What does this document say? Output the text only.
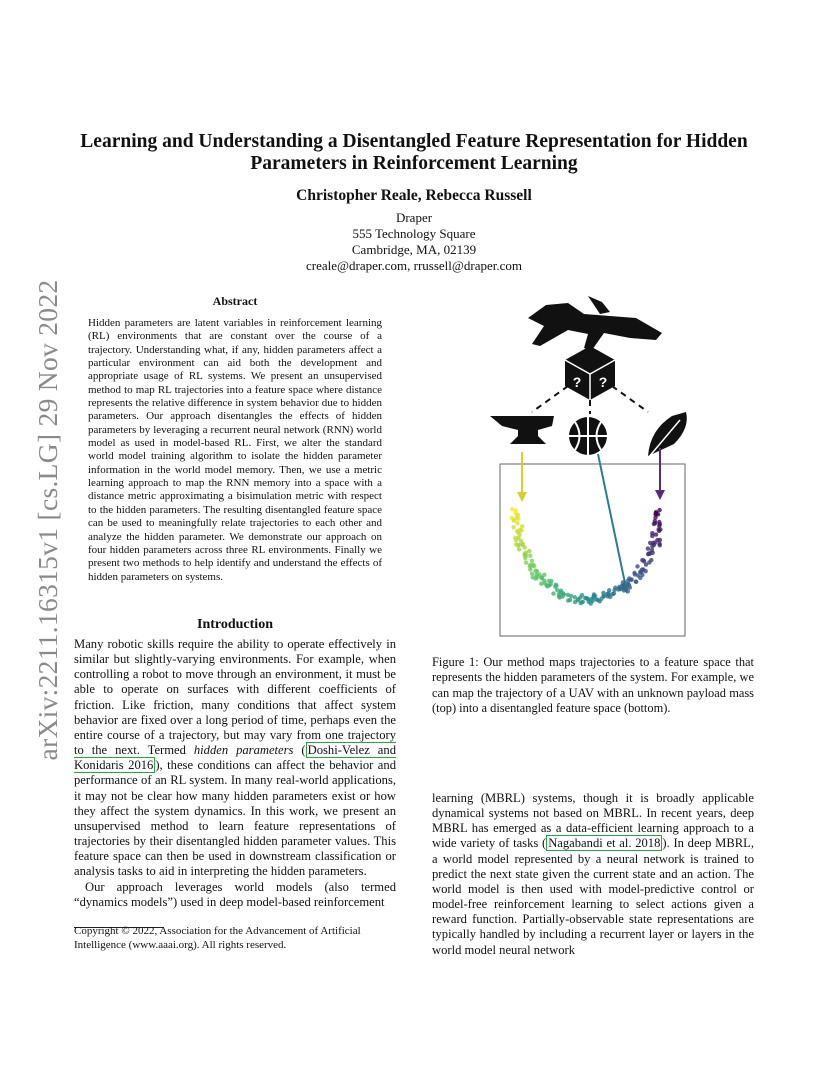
arXiv:2211.16315v1 [cs.LG] 29 Nov 2022
Learning and Understanding a Disentangled Feature Representation for Hidden
Parameters in Reinforcement Learning
Christopher Reale, Rebecca Russell
Draper
555 Technology Square
Cambridge, MA, 02139
creale@draper.com, rrussell@draper.com
Abstract
Hidden parameters are latent variables in reinforcement learning (RL) environments that are constant over the course of a trajectory. Understanding what, if any, hidden parameters affect a particular environment can aid both the development and appropriate usage of RL systems. We present an unsupervised method to map RL trajectories into a feature space where distance represents the relative difference in system behavior due to hidden parameters. Our approach disentangles the effects of hidden parameters by leveraging a recurrent neural network (RNN) world model as used in model-based RL. First, we alter the standard world model training algorithm to isolate the hidden parameter information in the world model memory. Then, we use a metric learning approach to map the RNN memory into a space with a distance metric approximating a bisimulation metric with respect to the hidden parameters. The resulting disentangled feature space can be used to meaningfully relate trajectories to each other and analyze the hidden parameter. We demonstrate our approach on four hidden parameters across three RL environments. Finally we present two methods to help identify and understand the effects of hidden parameters on systems.
Introduction

Many robotic skills require the ability to operate effectively in similar but slightly-varying environments. For example, when controlling a robot to move through an environment, it must be able to operate on surfaces with different coefficients of friction. Like friction, many conditions that affect system behavior are fixed over a long period of time, perhaps even the entire course of a trajectory, but may vary from one trajectory to the next. Termed hidden parameters ( Doshi-Velez and Konidaris 2016 ), these conditions can affect the behavior and performance of an RL system. In many real-world applications, it may not be clear how many hidden parameters exist or how they affect the system dynamics. In this work, we present an unsupervised method to learn feature representations of trajectories by their disentangled hidden parameter values. This feature space can then be used in downstream classification or analysis tasks to aid in interpreting the hidden parameters.

Our approach leverages world models (also termed “dynamics models”) used in deep model-based reinforcement

Copyright © 2022, Association for the Advancement of Artificial Intelligence (www.aaai.org). All rights reserved.
? ?
Figure 1: Our method maps trajectories to a feature space that represents the hidden parameters of the system. For example, we can map the trajectory of a UAV with an unknown payload mass (top) into a disentangled feature space (bottom).
learning (MBRL) systems, though it is broadly applicable dynamical systems not based on MBRL. In recent years, deep MBRL has emerged as a data-efficient learning approach to a wide variety of tasks ( Nagabandi et al. 2018 ). In deep MBRL, a world model represented by a neural network is trained to predict the next state given the current state and an action. The world model is then used with model-predictive control or model-free reinforcement learning to select actions given a reward function. Partially-observable state representations are typically handled by including a recurrent layer or layers in the world model neural network
